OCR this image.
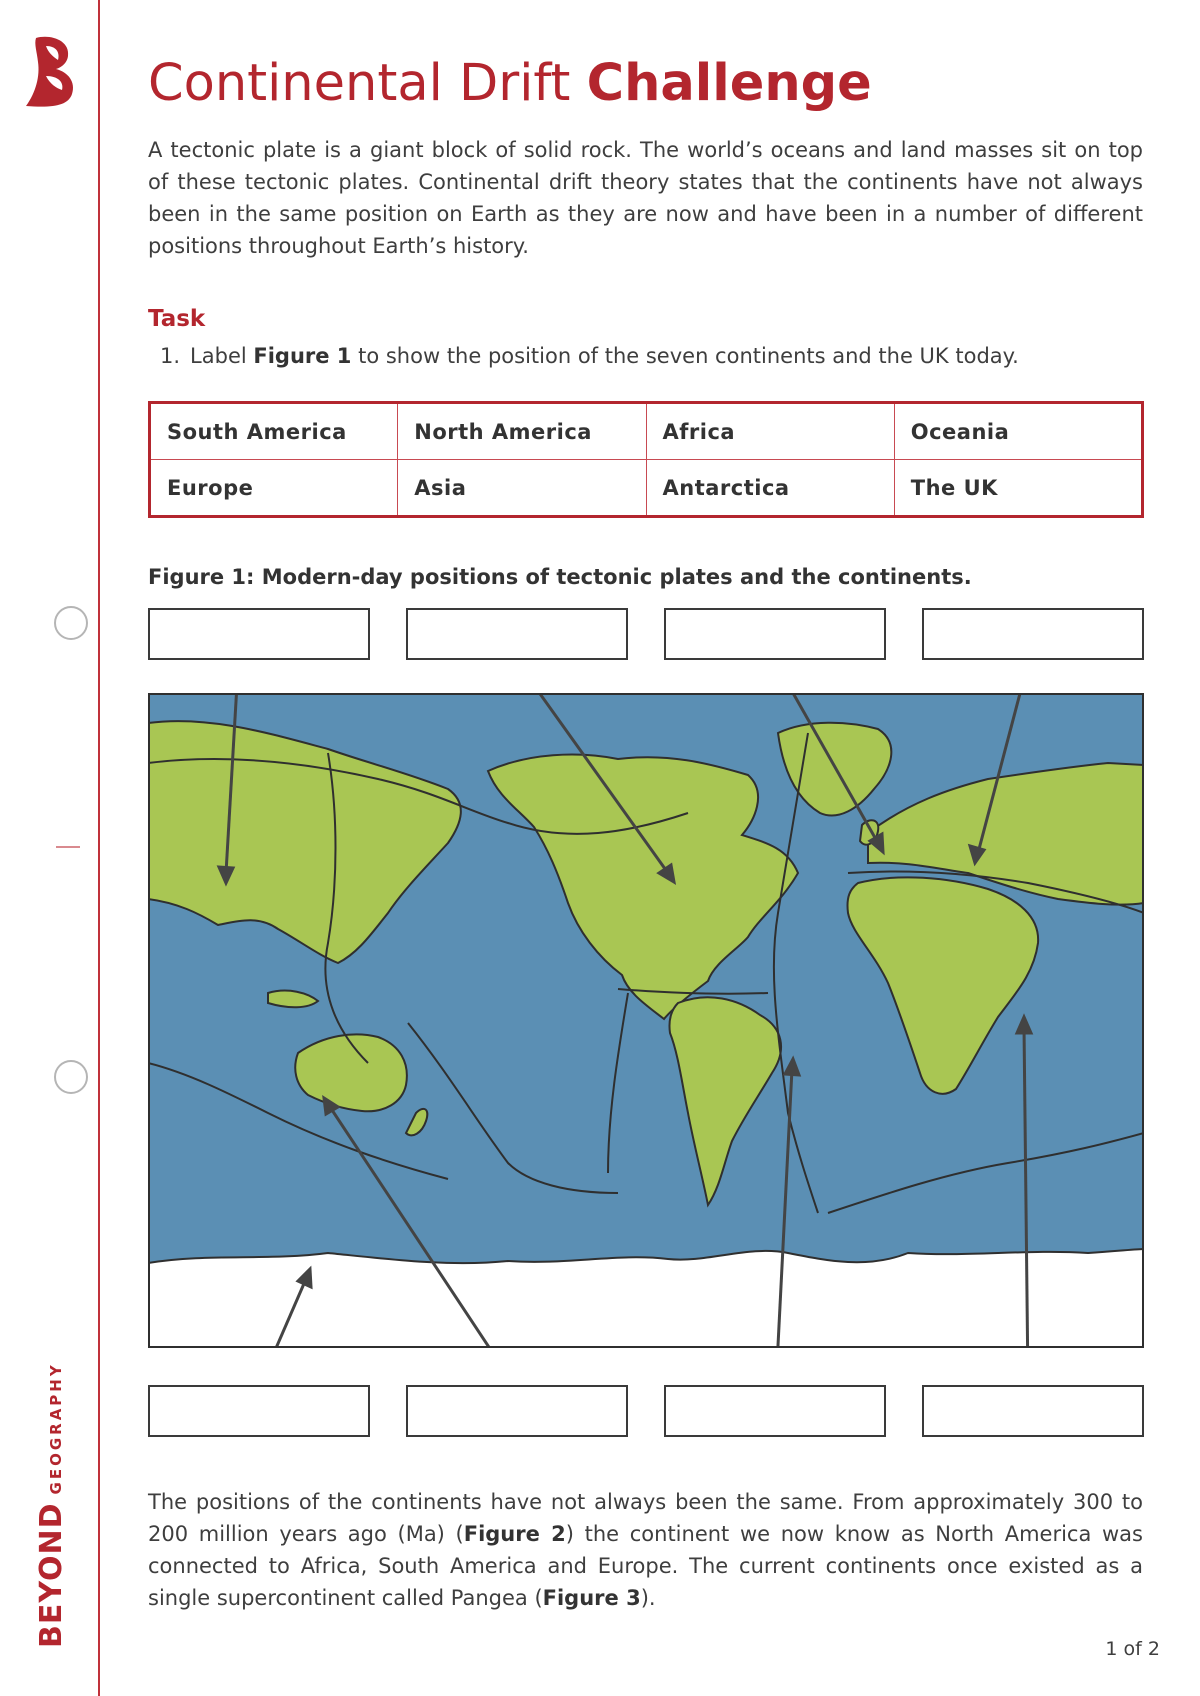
BEYONDGEOGRAPHY
Continental Drift Challenge

A tectonic plate is a giant block of solid rock. The world’s oceans and land masses sit on top of these tectonic plates. Continental drift theory states that the continents have not always been in the same position on Earth as they are now and have been in a number of different positions throughout Earth’s history.

Task
1. Label Figure 1 to show the position of the seven continents and the UK today.
South America	North America	Africa	Oceania
Europe	Asia	Antarctica	The UK
Figure 1: Modern-day positions of tectonic plates and the continents.

The positions of the continents have not always been the same. From approximately 300 to 200 million years ago (Ma) (Figure 2) the continent we now know as North America was connected to Africa, South America and Europe. The current continents once existed as a single supercontinent called Pangea (Figure 3).

1 of 2
